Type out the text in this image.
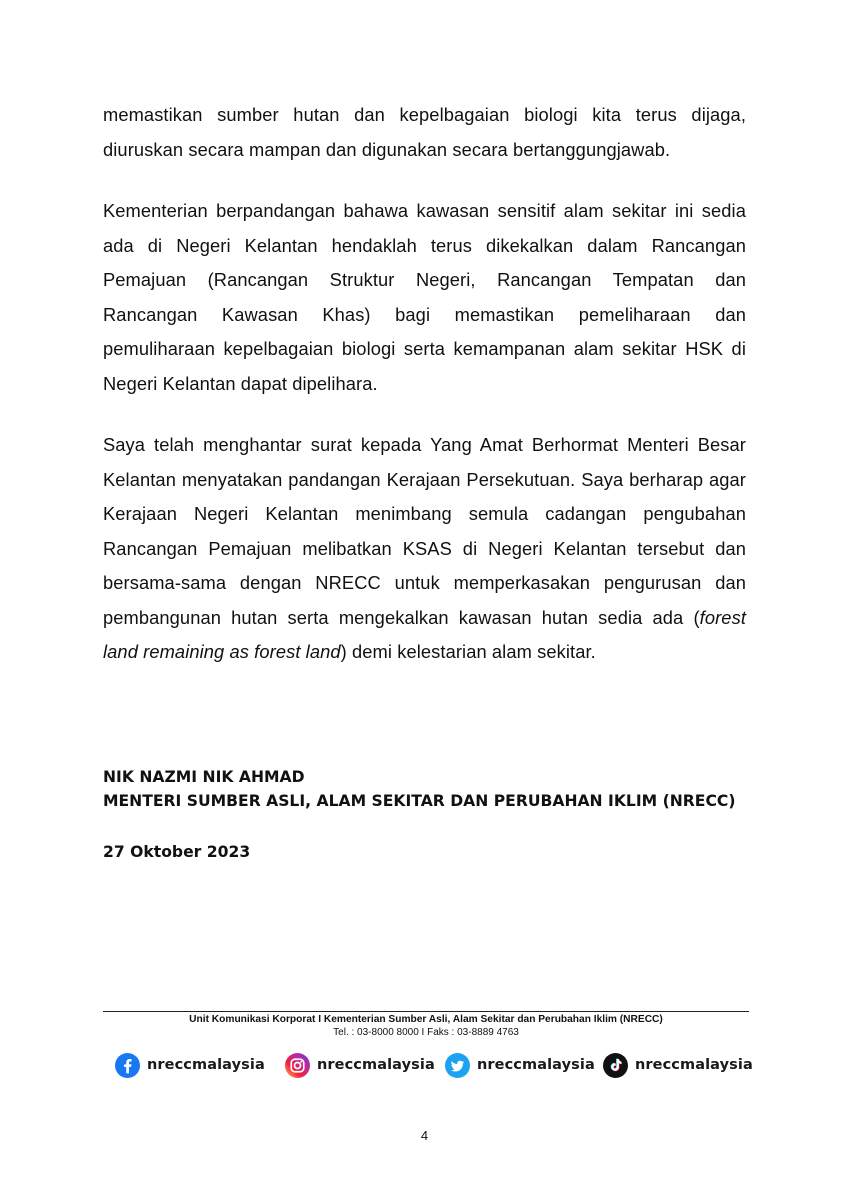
memastikan sumber hutan dan kepelbagaian biologi kita terus dijaga, diuruskan secara mampan dan digunakan secara bertanggungjawab.

Kementerian berpandangan bahawa kawasan sensitif alam sekitar ini sedia ada di Negeri Kelantan hendaklah terus dikekalkan dalam Rancangan Pemajuan (Rancangan Struktur Negeri, Rancangan Tempatan dan Rancangan Kawasan Khas) bagi memastikan pemeliharaan dan pemuliharaan kepelbagaian biologi serta kemampanan alam sekitar HSK di Negeri Kelantan dapat dipelihara.

Saya telah menghantar surat kepada Yang Amat Berhormat Menteri Besar Kelantan menyatakan pandangan Kerajaan Persekutuan. Saya berharap agar Kerajaan Negeri Kelantan menimbang semula cadangan pengubahan Rancangan Pemajuan melibatkan KSAS di Negeri Kelantan tersebut dan bersama-sama dengan NRECC untuk memperkasakan pengurusan dan pembangunan hutan serta mengekalkan kawasan hutan sedia ada (forest land remaining as forest land) demi kelestarian alam sekitar.

NIK NAZMI NIK AHMAD
MENTERI SUMBER ASLI, ALAM SEKITAR DAN PERUBAHAN IKLIM (NRECC)
27 Oktober 2023
Unit Komunikasi Korporat I Kementerian Sumber Asli, Alam Sekitar dan Perubahan Iklim (NRECC)
Tel. : 03-8000 8000 I Faks : 03-8889 4763
nreccmalaysia	nreccmalaysia	nreccmalaysia	nreccmalaysia
4
